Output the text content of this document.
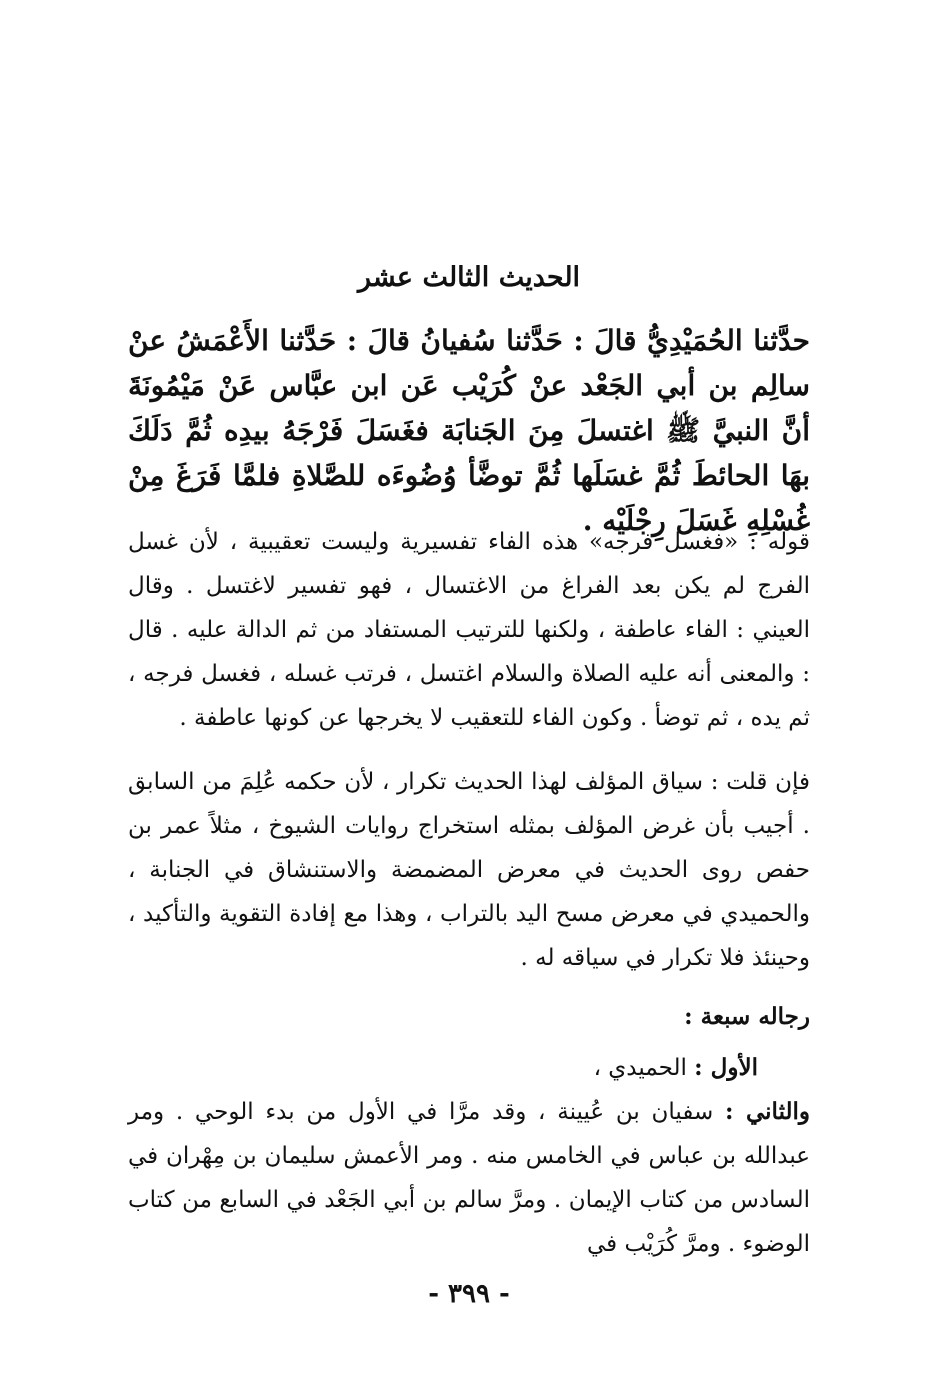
الحديث الثالث عشر
حدَّثنا الحُمَيْدِيُّ قالَ : حَدَّثنا سُفيانُ قالَ : حَدَّثنا الأَعْمَشُ عنْ سالِم بن أبي الجَعْد عنْ كُرَيْب عَن ابن عبَّاس عَنْ مَيْمُونَةَ أنَّ النبيَّ ﷺ اغتسلَ مِنَ الجَنابَة فغَسَلَ فَرْجَهُ بيدِه ثُمَّ دَلَكَ بهَا الحائطَ ثُمَّ غسَلَها ثُمَّ توضَّأ وُضُوءَه للصَّلاةِ فلمَّا فَرَغَ مِنْ غُسْلِهِ غَسَلَ رِجْلَيْه .
قوله : «فغسل فرجه» هذه الفاء تفسيرية وليست تعقيبية ، لأن غسل الفرج لم يكن بعد الفراغ من الاغتسال ، فهو تفسير لاغتسل . وقال العيني : الفاء عاطفة ، ولكنها للترتيب المستفاد من ثم الدالة عليه . قال : والمعنى أنه عليه الصلاة والسلام اغتسل ، فرتب غسله ، فغسل فرجه ، ثم يده ، ثم توضأ . وكون الفاء للتعقيب لا يخرجها عن كونها عاطفة .
فإن قلت : سياق المؤلف لهذا الحديث تكرار ، لأن حكمه عُلِمَ من السابق . أجيب بأن غرض المؤلف بمثله استخراج روايات الشيوخ ، مثلاً عمر بن حفص روى الحديث في معرض المضمضة والاستنشاق في الجنابة ، والحميدي في معرض مسح اليد بالتراب ، وهذا مع إفادة التقوية والتأكيد ، وحينئذ فلا تكرار في سياقه له .
رجاله سبعة :
الأول : الحميدي ،
والثاني : سفيان بن عُيينة ، وقد مرَّا في الأول من بدء الوحي . ومر عبدالله بن عباس في الخامس منه . ومر الأعمش سليمان بن مِهْران في السادس من كتاب الإيمان . ومرَّ سالم بن أبي الجَعْد في السابع من كتاب الوضوء . ومرَّ كُرَيْب في
- ٣٩٩ -
